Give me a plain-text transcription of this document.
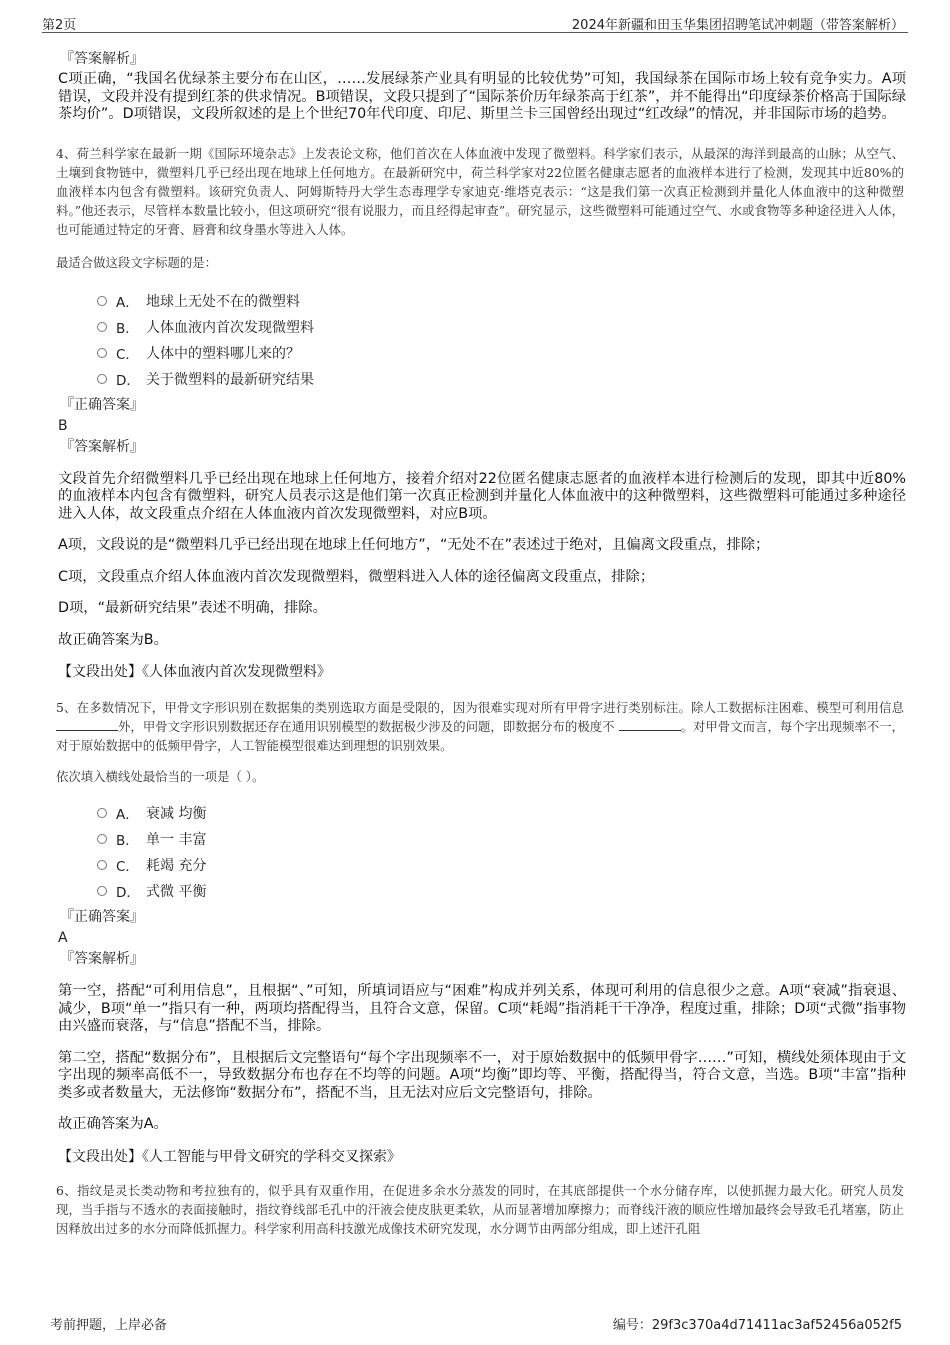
第2页	2024年新疆和田玉华集团招聘笔试冲刺题（带答案解析）
『答案解析』
C项正确，“我国名优绿茶主要分布在山区，……发展绿茶产业具有明显的比较优势”可知，我国绿茶在国际市场上较有竞争实力。A项错误，文段并没有提到红茶的供求情况。B项错误，文段只提到了“国际茶价历年绿茶高于红茶”，并不能得出“印度绿茶价格高于国际绿茶均价”。D项错误，文段所叙述的是上个世纪70年代印度、印尼、斯里兰卡三国曾经出现过“红改绿”的情况，并非国际市场的趋势。
4、荷兰科学家在最新一期《国际环境杂志》上发表论文称，他们首次在人体血液中发现了微塑料。科学家们表示，从最深的海洋到最高的山脉；从空气、土壤到食物链中，微塑料几乎已经出现在地球上任何地方。在最新研究中，荷兰科学家对22位匿名健康志愿者的血液样本进行了检测，发现其中近80%的血液样本内包含有微塑料。该研究负责人、阿姆斯特丹大学生态毒理学专家迪克·维塔克表示：“这是我们第一次真正检测到并量化人体血液中的这种微塑料。”他还表示，尽管样本数量比较小，但这项研究“很有说服力，而且经得起审查”。研究显示，这些微塑料可能通过空气、水或食物等多种途径进入人体，也可能通过特定的牙膏、唇膏和纹身墨水等进入人体。
最适合做这段文字标题的是：
A． 地球上无处不在的微塑料
B． 人体血液内首次发现微塑料
C． 人体中的塑料哪儿来的？
D． 关于微塑料的最新研究结果
『正确答案』
B
『答案解析』
文段首先介绍微塑料几乎已经出现在地球上任何地方，接着介绍对22位匿名健康志愿者的血液样本进行检测后的发现，即其中近80%的血液样本内包含有微塑料，研究人员表示这是他们第一次真正检测到并量化人体血液中的这种微塑料，这些微塑料可能通过多种途径进入人体，故文段重点介绍在人体血液内首次发现微塑料，对应B项。
A项，文段说的是“微塑料几乎已经出现在地球上任何地方”，“无处不在”表述过于绝对，且偏离文段重点，排除；
C项，文段重点介绍人体血液内首次发现微塑料，微塑料进入人体的途径偏离文段重点，排除；
D项，“最新研究结果”表述不明确，排除。
故正确答案为B。
【文段出处】《人体血液内首次发现微塑料》
5、在多数情况下，甲骨文字形识别在数据集的类别选取方面是受限的，因为很难实现对所有甲骨字进行类别标注。除人工数据标注困难、模型可利用信息 外，甲骨文字形识别数据还存在通用识别模型的数据极少涉及的问题，即数据分布的极度不	。对甲骨文而言，每个字出现频率不一，对于原始数据中的低频甲骨字，人工智能模型很难达到理想的识别效果。
依次填入横线处最恰当的一项是（ ）。
A． 衰减 均衡
B． 单一 丰富
C． 耗竭 充分
D． 式微 平衡
『正确答案』
A
『答案解析』
第一空，搭配“可利用信息”，且根据“、”可知，所填词语应与“困难”构成并列关系，体现可利用的信息很少之意。A项“衰减”指衰退、减少，B项“单一”指只有一种，两项均搭配得当，且符合文意，保留。C项“耗竭”指消耗干干净净，程度过重，排除；D项“式微”指事物由兴盛而衰落，与“信息”搭配不当，排除。
第二空，搭配“数据分布”，且根据后文完整语句“每个字出现频率不一，对于原始数据中的低频甲骨字……”可知，横线处须体现由于文字出现的频率高低不一，导致数据分布也存在不均等的问题。A项“均衡”即均等、平衡，搭配得当，符合文意，当选。B项“丰富”指种类多或者数量大，无法修饰“数据分布”，搭配不当，且无法对应后文完整语句，排除。
故正确答案为A。
【文段出处】《人工智能与甲骨文研究的学科交叉探索》
6、指纹是灵长类动物和考拉独有的，似乎具有双重作用，在促进多余水分蒸发的同时，在其底部提供一个水分储存库，以使抓握力最大化。研究人员发现，当手指与不透水的表面接触时，指纹脊线部毛孔中的汗液会使皮肤更柔软，从而显著增加摩擦力；而脊线汗液的顺应性增加最终会导致毛孔堵塞，防止因释放出过多的水分而降低抓握力。科学家利用高科技激光成像技术研究发现，水分调节由两部分组成，即上述汗孔阻
考前押题，上岸必备	编号：29f3c370a4d71411ac3af52456a052f5
